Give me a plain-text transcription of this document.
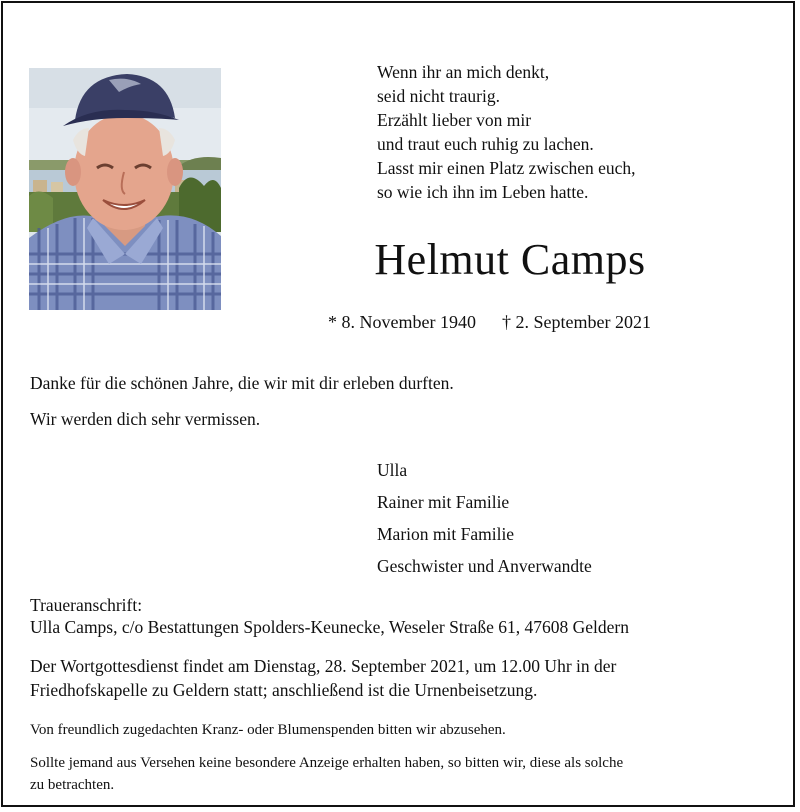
Wenn ihr an mich denkt,
seid nicht traurig.
Erzählt lieber von mir
und traut euch ruhig zu lachen.
Lasst mir einen Platz zwischen euch,
so wie ich ihn im Leben hatte.
Helmut Camps
* 8. November 1940 † 2. September 2021
Danke für die schönen Jahre, die wir mit dir erleben durften.
Wir werden dich sehr vermissen.
Ulla
Rainer mit Familie
Marion mit Familie
Geschwister und Anverwandte
Traueranschrift:
Ulla Camps, c/o Bestattungen Spolders-Keunecke, Weseler Straße 61, 47608 Geldern
Der Wortgottesdienst findet am Dienstag, 28. September 2021, um 12.00 Uhr in der
Friedhofskapelle zu Geldern statt; anschließend ist die Urnenbeisetzung.
Von freundlich zugedachten Kranz- oder Blumenspenden bitten wir abzusehen.
Sollte jemand aus Versehen keine besondere Anzeige erhalten haben, so bitten wir, diese als solche
zu betrachten.
